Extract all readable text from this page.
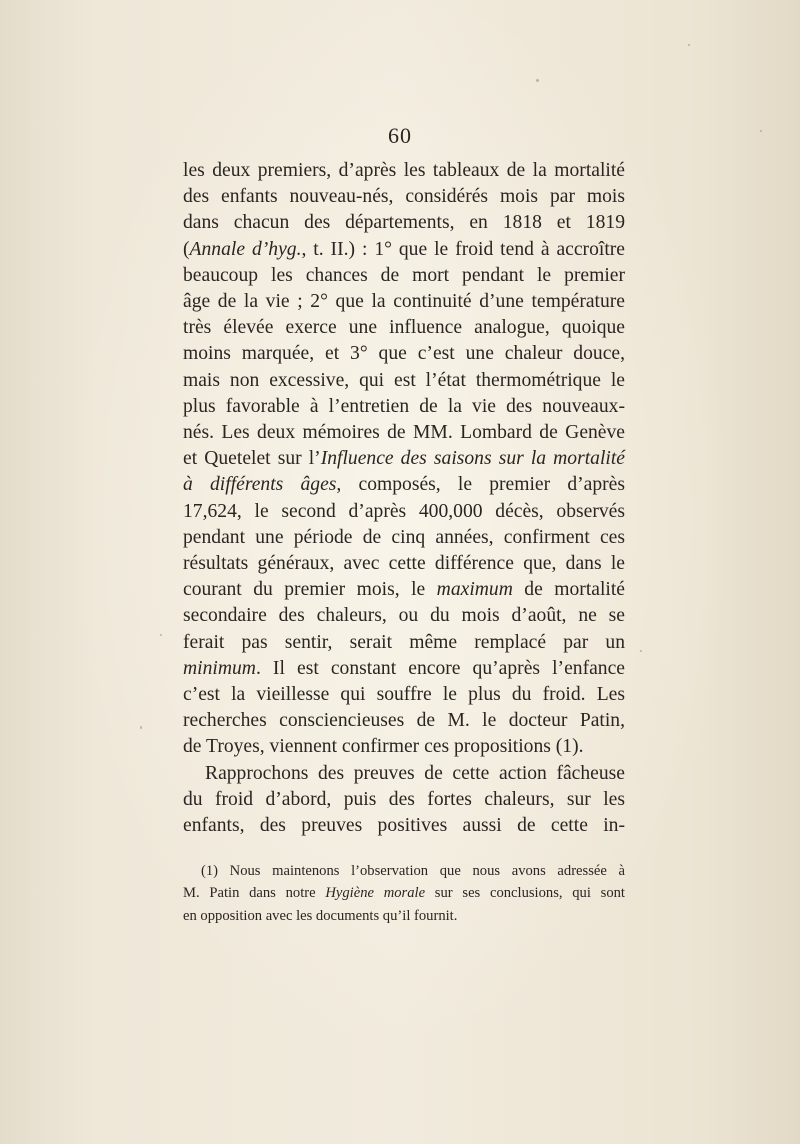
60
les deux premiers, d’après les tableaux de la mortalité
des enfants nouveau-nés, considérés mois par mois
dans chacun des départements, en 1818 et 1819
(Annale d’hyg., t. II.) : 1° que le froid tend à accroître
beaucoup les chances de mort pendant le premier
âge de la vie ; 2° que la continuité d’une température
très élevée exerce une influence analogue, quoique
moins marquée, et 3° que c’est une chaleur douce,
mais non excessive, qui est l’état thermométrique le
plus favorable à l’entretien de la vie des nouveaux-
nés. Les deux mémoires de MM. Lombard de Genève
et Quetelet sur l’Influence des saisons sur la mortalité
à différents âges, composés, le premier d’après
17,624, le second d’après 400,000 décès, observés
pendant une période de cinq années, confirment ces
résultats généraux, avec cette différence que, dans le
courant du premier mois, le maximum de mortalité
secondaire des chaleurs, ou du mois d’août, ne se
ferait pas sentir, serait même remplacé par un
minimum. Il est constant encore qu’après l’enfance
c’est la vieillesse qui souffre le plus du froid. Les
recherches consciencieuses de M. le docteur Patin,
de Troyes, viennent confirmer ces propositions (1).
Rapprochons des preuves de cette action fâcheuse
du froid d’abord, puis des fortes chaleurs, sur les
enfants, des preuves positives aussi de cette in-
(1) Nous maintenons l’observation que nous avons adressée à
M. Patin dans notre Hygiène morale sur ses conclusions, qui sont
en opposition avec les documents qu’il fournit.
